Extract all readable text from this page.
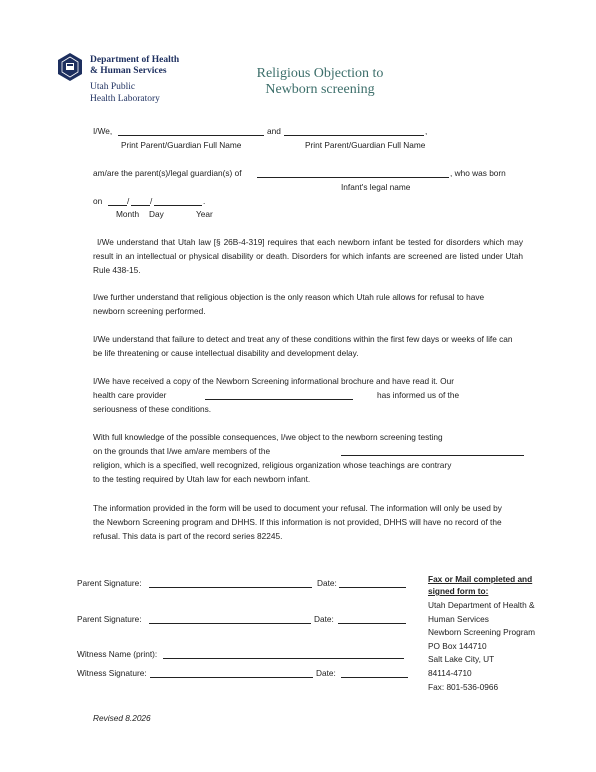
Department of Health
& Human Services
Utah Public
Health Laboratory
Religious Objection to
Newborn screening
I/We,	and	,
Print Parent/Guardian Full Name	Print Parent/Guardian Full Name
am/are the parent(s)/legal guardian(s) of	, who was born
Infant's legal name
on	/ /	.
Month Day	Year
I/We understand that Utah law [§ 26B-4-319] requires that each newborn infant be tested for disorders which may result in an intellectual or physical disability or death. Disorders for which infants are screened are listed under Utah Rule 438-15.
I/we further understand that religious objection is the only reason which Utah rule allows for refusal to have newborn screening performed.
I/We understand that failure to detect and treat any of these conditions within the first few days or weeks of life can be life threatening or cause intellectual disability and development delay.
I/We have received a copy of the Newborn Screening informational brochure and have read it. Our
health care provider	has informed us of the
seriousness of these conditions.
With full knowledge of the possible consequences, I/we object to the newborn screening testing
on the grounds that I/we am/are members of the
religion, which is a specified, well recognized, religious organization whose teachings are contrary
to the testing required by Utah law for each newborn infant.
The information provided in the form will be used to document your refusal. The information will only be used by the Newborn Screening program and DHHS. If this information is not provided, DHHS will have no record of the refusal. This data is part of the record series 82245.
Parent Signature:	Date:
Parent Signature:	Date:
Witness Name (print):
Witness Signature:	Date:
Fax or Mail completed and
signed form to:
Utah Department of Health &
Human Services
Newborn Screening Program
PO Box 144710
Salt Lake City, UT
84114-4710
Fax: 801-536-0966
Revised 8.2026
